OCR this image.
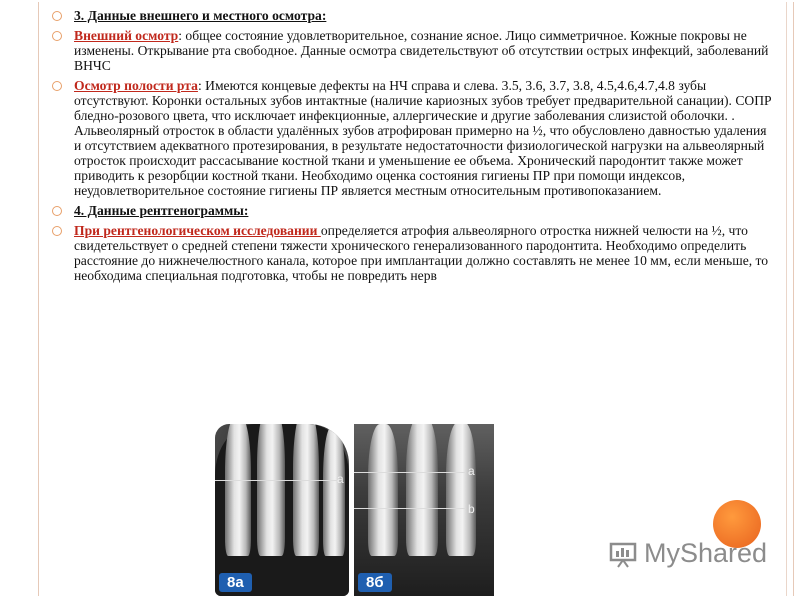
3. Данные внешнего и местного осмотра:
Внешний осмотр: общее состояние удовлетворительное, сознание ясное. Лицо симметричное. Кожные покровы не изменены. Открывание рта свободное. Данные осмотра свидетельствуют об отсутствии острых инфекций, заболеваний ВНЧС
Осмотр полости рта: Имеются концевые дефекты на НЧ справа и слева. 3.5, 3.6, 3.7, 3.8, 4.5,4.6,4.7,4.8 зубы отсутствуют. Коронки остальных зубов интактные (наличие кариозных зубов требует предварительной санации). СОПР бледно-розового цвета, что исключает инфекционные, аллергические и другие заболевания слизистой оболочки. . Альвеолярный отросток в области удалённых зубов атрофирован примерно на ½, что обусловлено давностью удаления и отсутствием адекватного протезирования, в результате недостаточности физиологической нагрузки на альвеолярный отросток происходит рассасывание костной ткани и уменьшение ее объема. Хронический пародонтит также может приводить к резорбции костной ткани. Необходимо оценка состояния гигиены ПР при помощи индексов, неудовлетворительное состояние гигиены ПР является местным относительным противопоказанием.
4. Данные рентгенограммы:
При рентгенологическом исследовании определяется атрофия альвеолярного отростка нижней челюсти на ½, что свидетельствует о средней степени тяжести хронического генерализованного пародонтита. Необходимо определить расстояние до нижнечелюстного канала, которое при имплантации должно составлять не менее 10 мм, если меньше, то необходима специальная подготовка, чтобы не повредить нерв
a
8а
a
b
8б
MyShared
